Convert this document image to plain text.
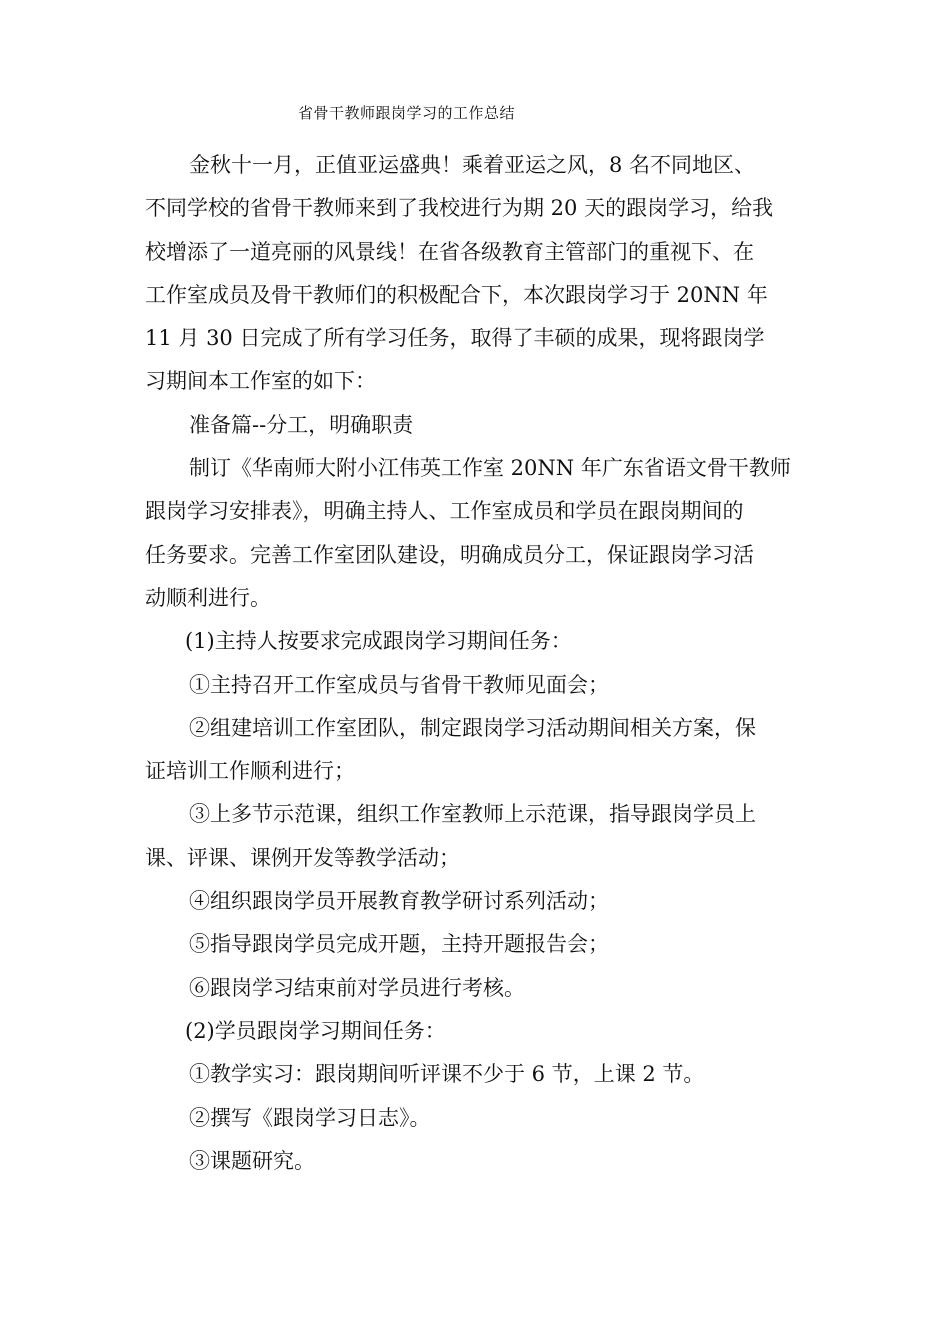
省骨干教师跟岗学习的工作总结
金秋十一月，正值亚运盛典！乘着亚运之风，8 名不同地区、
不同学校的省骨干教师来到了我校进行为期 20 天的跟岗学习，给我
校增添了一道亮丽的风景线！在省各级教育主管部门的重视下、在
工作室成员及骨干教师们的积极配合下，本次跟岗学习于 20NN 年
11 月 30 日完成了所有学习任务，取得了丰硕的成果，现将跟岗学
习期间本工作室的如下：
准备篇--分工，明确职责
制订《华南师大附小江伟英工作室 20NN 年广东省语文骨干教师
跟岗学习安排表》，明确主持人、工作室成员和学员在跟岗期间的
任务要求。完善工作室团队建设，明确成员分工，保证跟岗学习活
动顺利进行。
(1)主持人按要求完成跟岗学习期间任务：
①主持召开工作室成员与省骨干教师见面会；
②组建培训工作室团队，制定跟岗学习活动期间相关方案，保
证培训工作顺利进行；
③上多节示范课，组织工作室教师上示范课，指导跟岗学员上
课、评课、课例开发等教学活动；
④组织跟岗学员开展教育教学研讨系列活动；
⑤指导跟岗学员完成开题，主持开题报告会；
⑥跟岗学习结束前对学员进行考核。
(2)学员跟岗学习期间任务：
①教学实习：跟岗期间听评课不少于 6 节，上课 2 节。
②撰写《跟岗学习日志》。
③课题研究。
